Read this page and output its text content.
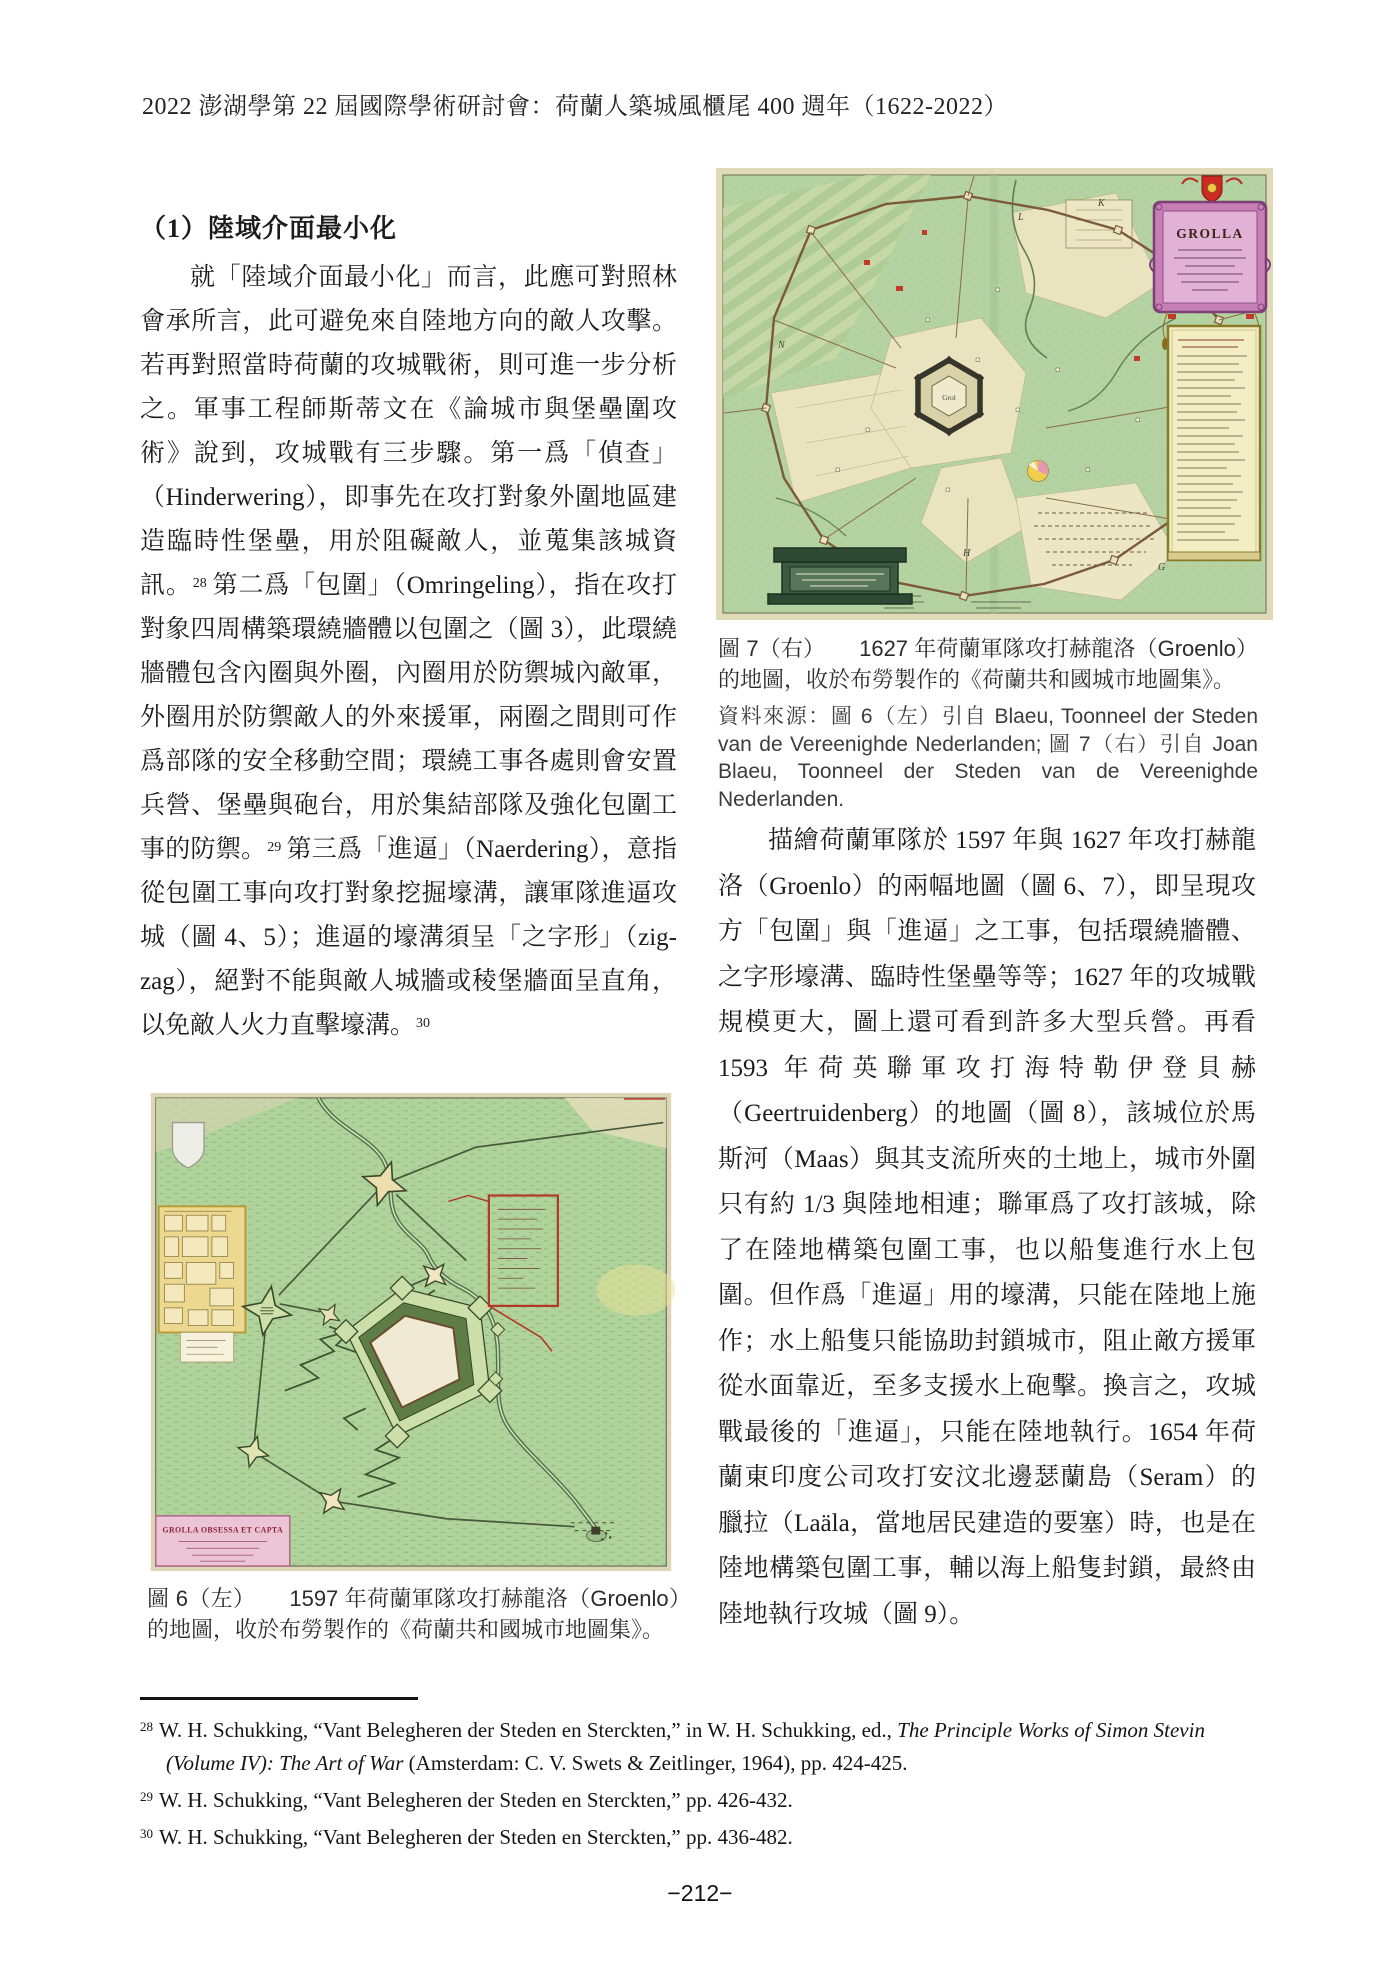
2022 澎湖學第 22 屆國際學術研討會：荷蘭人築城風櫃尾 400 週年（1622-2022）
（1）陸域介面最小化
就「陸域介面最小化」而言，此應可對照林會承所言，此可避免來自陸地方向的敵人攻擊。若再對照當時荷蘭的攻城戰術，則可進一步分析之。軍事工程師斯蒂文在《論城市與堡壘圍攻術》說到，攻城戰有三步驟。第一爲「偵查」（Hinderwering），即事先在攻打對象外圍地區建造臨時性堡壘，用於阻礙敵人，並蒐集該城資訊。$^{28}$ 第二爲「包圍」（Omringeling），指在攻打對象四周構築環繞牆體以包圍之（圖 3），此環繞牆體包含內圈與外圈，內圈用於防禦城內敵軍，外圈用於防禦敵人的外來援軍，兩圈之間則可作爲部隊的安全移動空間；環繞工事各處則會安置兵營、堡壘與砲台，用於集結部隊及強化包圍工事的防禦。$^{29}$ 第三爲「進逼」（Naerdering），意指從包圍工事向攻打對象挖掘壕溝，讓軍隊進逼攻城（圖 4、5）；進逼的壕溝須呈「之字形」（zig-zag），絕對不能與敵人城牆或稜堡牆面呈直角，以免敵人火力直擊壕溝。$^{30}$
GROLLA OBSESSA ET CAPTA
圖 6（左） 1597 年荷蘭軍隊攻打赫龍洛（Groenlo）的地圖，收於布勞製作的《荷蘭共和國城市地圖集》。
Grol
L
K
N
H
G
GROLLA
圖 7（右） 1627 年荷蘭軍隊攻打赫龍洛（Groenlo）的地圖，收於布勞製作的《荷蘭共和國城市地圖集》。
資料來源：圖 6（左）引自 Blaeu, Toonneel der Steden van de Vereenighde Nederlanden; 圖 7（右）引自 Joan Blaeu, Toonneel der Steden van de Vereenighde Nederlanden.
描繪荷蘭軍隊於 1597 年與 1627 年攻打赫龍洛（Groenlo）的兩幅地圖（圖 6、7），即呈現攻方「包圍」與「進逼」之工事，包括環繞牆體、之字形壕溝、臨時性堡壘等等；1627 年的攻城戰規模更大，圖上還可看到許多大型兵營。再看 1593 年荷英聯軍攻打海特勒伊登貝赫（Geertruidenberg）的地圖（圖 8），該城位於馬斯河（Maas）與其支流所夾的土地上，城市外圍只有約 1/3 與陸地相連；聯軍爲了攻打該城，除了在陸地構築包圍工事，也以船隻進行水上包圍。但作爲「進逼」用的壕溝，只能在陸地上施作；水上船隻只能協助封鎖城市，阻止敵方援軍從水面靠近，至多支援水上砲擊。換言之，攻城戰最後的「進逼」，只能在陸地執行。1654 年荷蘭東印度公司攻打安汶北邊瑟蘭島（Seram）的臘拉（Laäla，當地居民建造的要塞）時，也是在陸地構築包圍工事，輔以海上船隻封鎖，最終由陸地執行攻城（圖 9）。
$^{28}$ W. H. Schukking, “Vant Belegheren der Steden en Sterckten,” in W. H. Schukking, ed., The Principle Works of Simon Stevin (Volume IV): The Art of War (Amsterdam: C. V. Swets & Zeitlinger, 1964), pp. 424-425.
$^{29}$ W. H. Schukking, “Vant Belegheren der Steden en Sterckten,” pp. 426-432.
$^{30}$ W. H. Schukking, “Vant Belegheren der Steden en Sterckten,” pp. 436-482.
−212−
